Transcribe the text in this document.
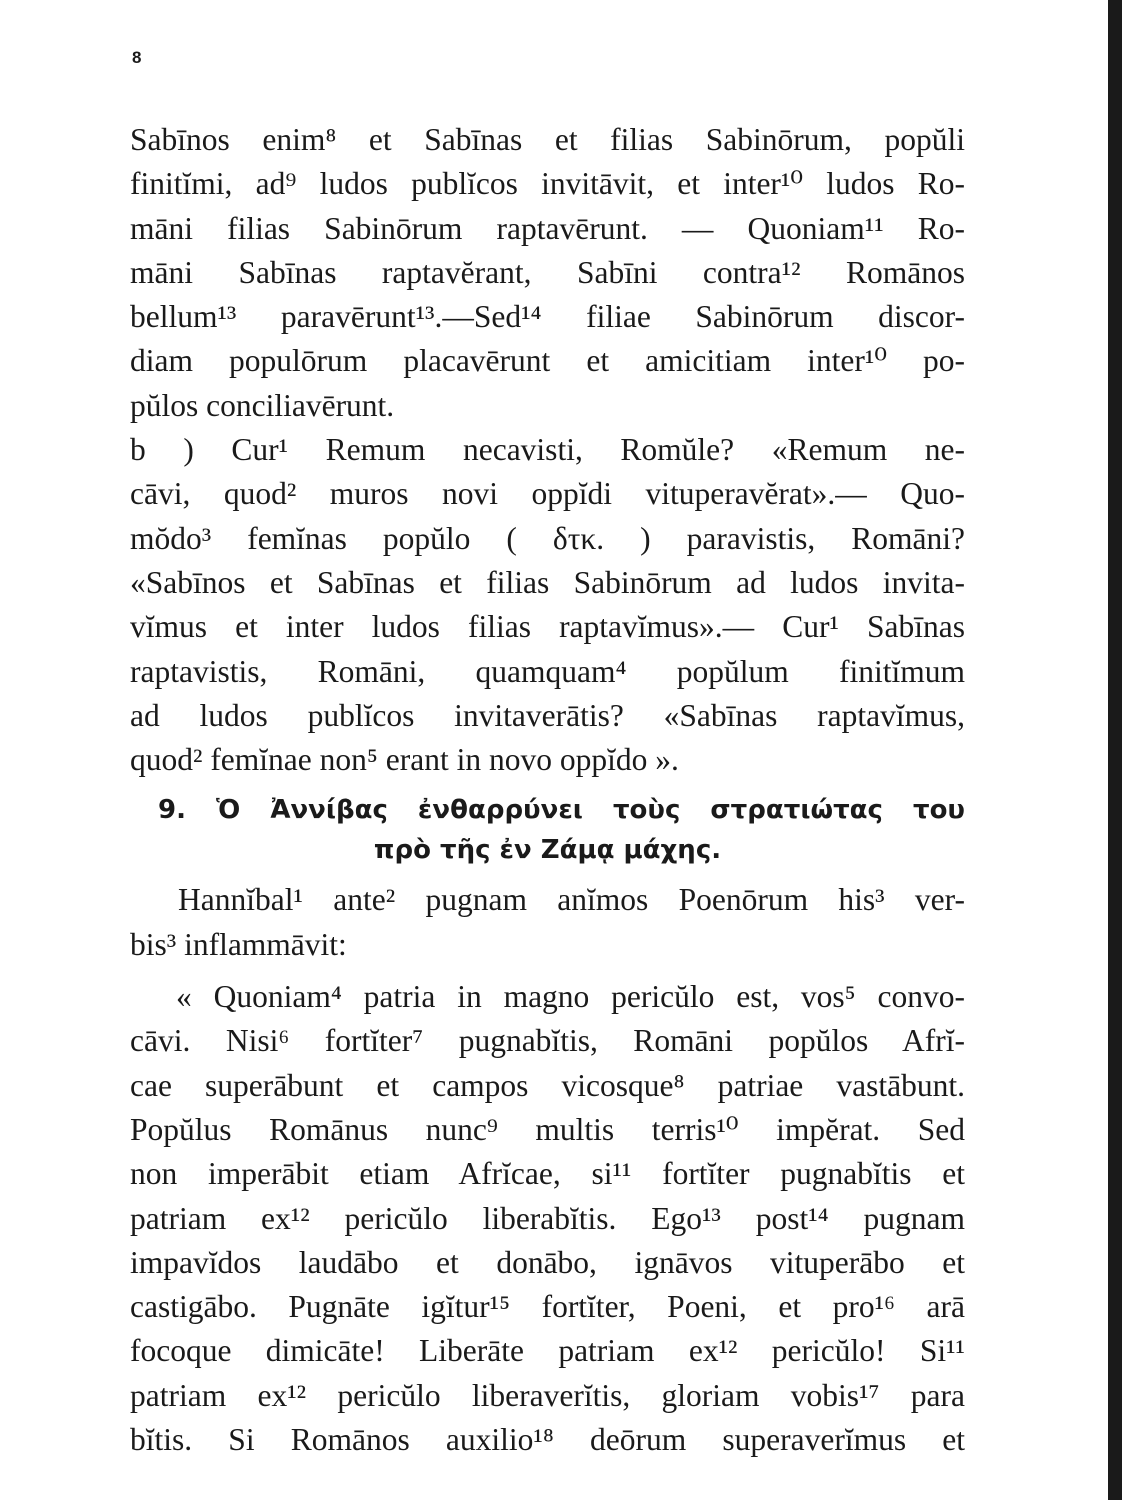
8
Sabīnos enim⁸ et Sabīnas et filias Sabinōrum, popŭli
finitĭmi, ad⁹ ludos publĭcos invitāvit, et inter¹⁰ ludos Ro-
māni filias Sabinōrum raptavērunt. — Quoniam¹¹ Ro-
māni Sabīnas raptavĕrant, Sabīni contra¹² Romānos
bellum¹³ paravērunt¹³.—Sed¹⁴ filiae Sabinōrum discor-
diam populōrum placavērunt et amicitiam inter¹⁰ po-
pŭlos conciliavērunt.
b ) Cur¹ Remum necavisti, Romŭle? «Remum ne-
cāvi, quod² muros novi oppĭdi vituperavĕrat».— Quo-
mŏdo³ femĭnas popŭlo ( δτκ. ) paravistis, Romāni?
«Sabīnos et Sabīnas et filias Sabinōrum ad ludos invita-
vĭmus et inter ludos filias raptavĭmus».— Cur¹ Sabīnas
raptavistis, Romāni, quamquam⁴ popŭlum finitĭmum
ad ludos publĭcos invitaverātis? «Sabīnas raptavĭmus,
quod² femĭnae non⁵ erant in novo oppĭdo ».
9. Ὁ Ἀννίβας ἐνθαρρύνει τοὺς στρατιώτας του
πρὸ τῆς ἐν Ζάμᾳ μάχης.
Hannĭbal¹ ante² pugnam anĭmos Poenōrum his³ ver-
bis³ inflammāvit:
« Quoniam⁴ patria in magno pericŭlo est, vos⁵ convo-
cāvi. Nisi⁶ fortĭter⁷ pugnabĭtis, Romāni popŭlos Afrĭ-
cae superābunt et campos vicosque⁸ patriae vastābunt.
Popŭlus Romānus nunc⁹ multis terris¹⁰ impĕrat. Sed
non imperābit etiam Afrĭcae, si¹¹ fortĭter pugnabĭtis et
patriam ex¹² pericŭlo liberabĭtis. Ego¹³ post¹⁴ pugnam
impavĭdos laudābo et donābo, ignāvos vituperābo et
castigābo. Pugnāte igĭtur¹⁵ fortĭter, Poeni, et pro¹⁶ arā
focoque dimicāte! Liberāte patriam ex¹² pericŭlo! Si¹¹
patriam ex¹² pericŭlo liberaverĭtis, gloriam vobis¹⁷ para
bĭtis. Si Romānos auxilio¹⁸ deōrum superaverĭmus et
